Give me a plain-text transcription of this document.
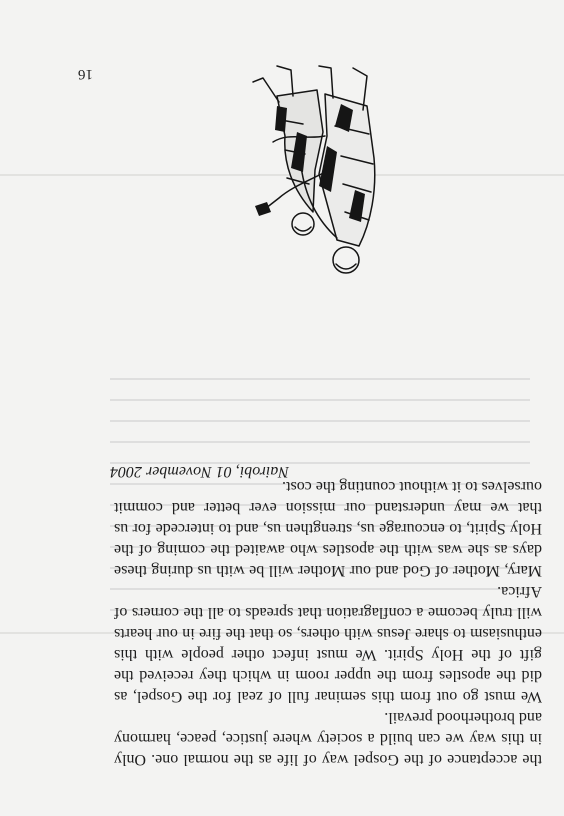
the acceptance of the Gospel way of life as the normal one. Only in this way we can build a society where justice, peace, harmony and brotherhood prevail.

We must go out from this seminar full of zeal for the Gospel, as did the apostles from the upper room in which they received the gift of the Holy Spirit. We must infect other people with this enthusiasm to share Jesus with others, so that the fire in our hearts will truly become a conflagration that spreads to all the corners of Africa.

Mary, Mother of God and our Mother will be with us during these days as she was with the apostles who awaited the coming of the Holy Spirit, to encourage us, strengthen us, and to intercede for us that we may understand our mission ever better and commit ourselves to it without counting the cost.

Nairobi, 01 November 2004

16
